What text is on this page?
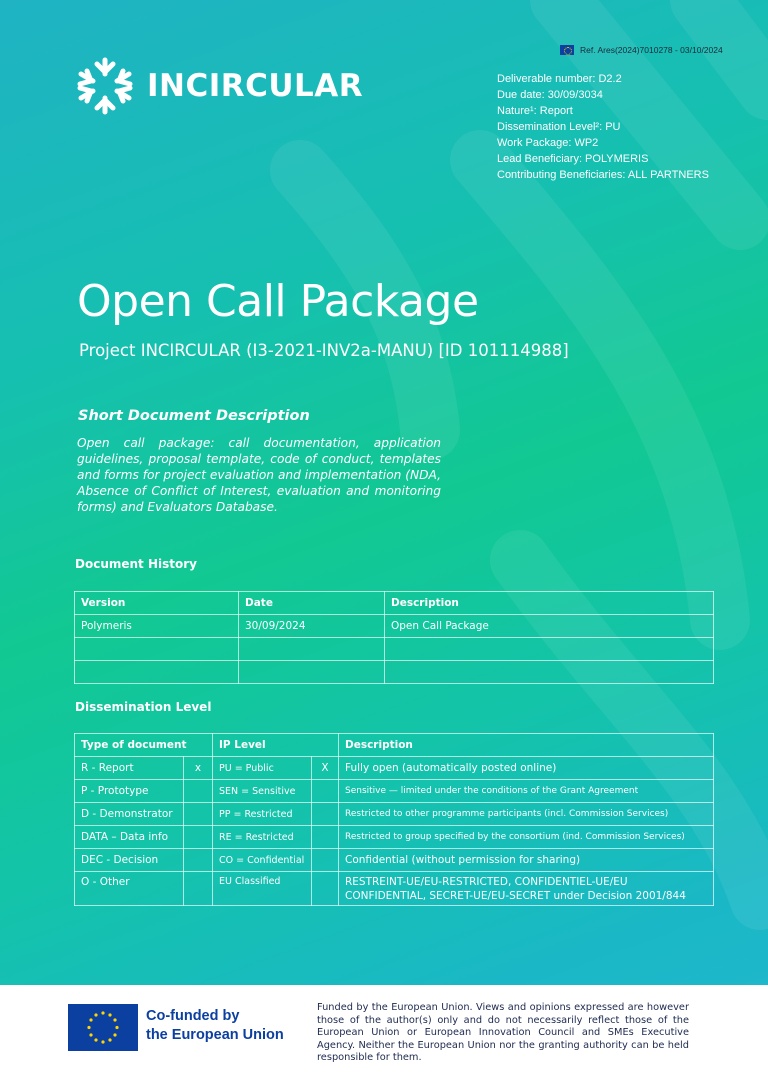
Ref. Ares(2024)7010278 - 03/10/2024
INCIRCULAR	Deliverable number: D2.2
Due date: 30/09/3034
Nature¹: Report
Dissemination Level²: PU
Work Package: WP2
Lead Beneficiary: POLYMERIS
Contributing Beneficiaries: ALL PARTNERS
Open Call Package
Project INCIRCULAR (I3-2021-INV2a-MANU) [ID 101114988]
Short Document Description
Open call package: call documentation, application guidelines, proposal template, code of conduct, templates and forms for project evaluation and implementation (NDA, Absence of Conflict of Interest, evaluation and monitoring forms) and Evaluators Database.
Document History
Version	Date	Description
Polymeris	30/09/2024	Open Call Package

Dissemination Level
Type of document		IP Level		Description
R - Report	x	PU = Public	X	Fully open (automatically posted online)
P - Prototype		SEN = Sensitive		Sensitive — limited under the conditions of the Grant Agreement
D - Demonstrator		PP = Restricted		Restricted to other programme participants (incl. Commission Services)
DATA – Data info		RE = Restricted		Restricted to group specified by the consortium (ind. Commission Services)
DEC - Decision		CO = Confidential		Confidential (without permission for sharing)
O - Other		EU Classified		RESTREINT-UE/EU-RESTRICTED, CONFIDENTIEL-UE/EU CONFIDENTIAL, SECRET-UE/EU-SECRET under Decision 2001/844
Co-funded by
the European Union
Funded by the European Union. Views and opinions expressed are however those of the author(s) only and do not necessarily reflect those of the European Union or European Innovation Council and SMEs Executive Agency. Neither the European Union nor the granting authority can be held responsible for them.
